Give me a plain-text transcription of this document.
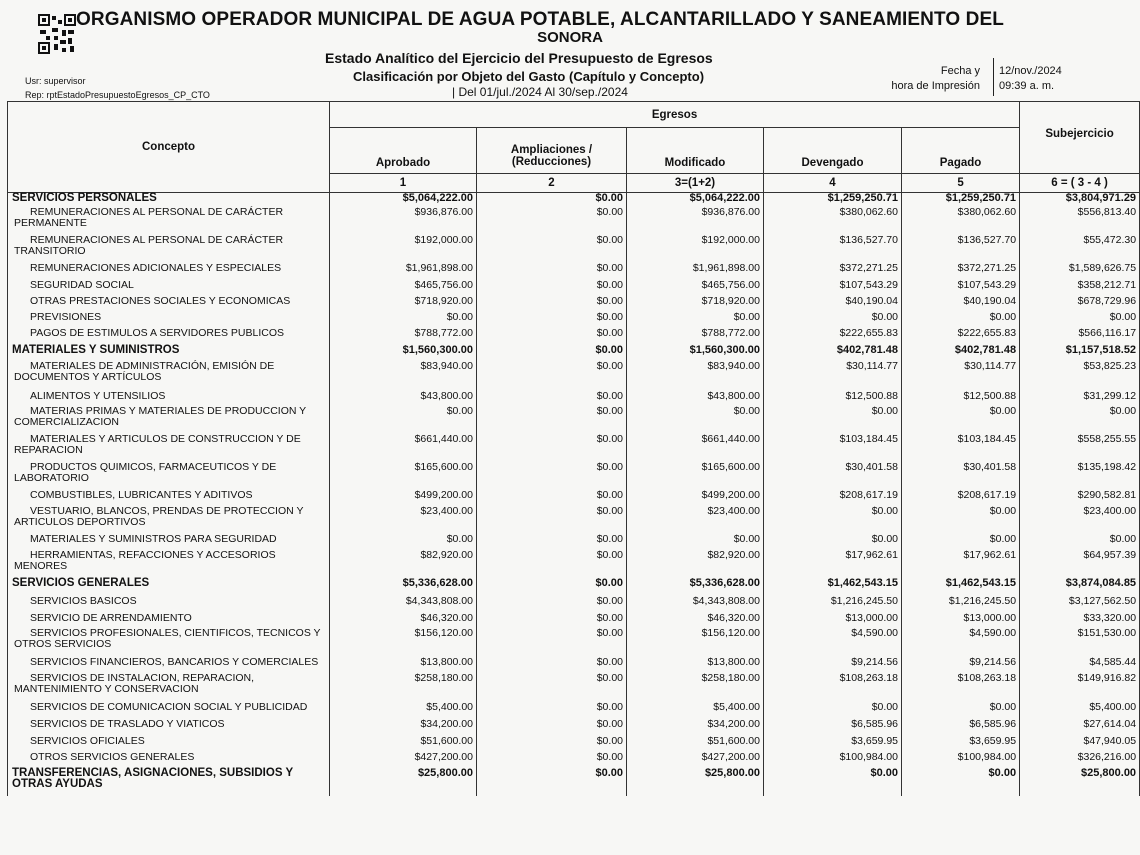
ORGANISMO OPERADOR MUNICIPAL DE AGUA POTABLE, ALCANTARILLADO Y SANEAMIENTO DEL
SONORA
Estado Analítico del Ejercicio del Presupuesto de Egresos
Clasificación por Objeto del Gasto (Capítulo y Concepto)
| Del 01/jul./2024 Al 30/sep./2024
Usr: supervisor
Rep: rptEstadoPresupuestoEgresos_CP_CTO
Fecha y
hora de Impresión
12/nov./2024
09:39 a. m.
Concepto	Egresos					Subejercicio
	Aprobado	Ampliaciones / (Reducciones)	Modificado	Devengado	Pagado	
	1	2	3=(1+2)	4	5	6 = ( 3 - 4 )
SERVICIOS PERSONALES	$5,064,222.00	$0.00	$5,064,222.00	$1,259,250.71	$1,259,250.71	$3,804,971.29
REMUNERACIONES AL PERSONAL DE CARÁCTER PERMANENTE	$936,876.00	$0.00	$936,876.00	$380,062.60	$380,062.60	$556,813.40
REMUNERACIONES AL PERSONAL DE CARÁCTER TRANSITORIO	$192,000.00	$0.00	$192,000.00	$136,527.70	$136,527.70	$55,472.30
REMUNERACIONES ADICIONALES Y ESPECIALES	$1,961,898.00	$0.00	$1,961,898.00	$372,271.25	$372,271.25	$1,589,626.75
SEGURIDAD SOCIAL	$465,756.00	$0.00	$465,756.00	$107,543.29	$107,543.29	$358,212.71
OTRAS PRESTACIONES SOCIALES Y ECONOMICAS	$718,920.00	$0.00	$718,920.00	$40,190.04	$40,190.04	$678,729.96
PREVISIONES	$0.00	$0.00	$0.00	$0.00	$0.00	$0.00
PAGOS DE ESTIMULOS A SERVIDORES PUBLICOS	$788,772.00	$0.00	$788,772.00	$222,655.83	$222,655.83	$566,116.17
MATERIALES Y SUMINISTROS	$1,560,300.00	$0.00	$1,560,300.00	$402,781.48	$402,781.48	$1,157,518.52
MATERIALES DE ADMINISTRACIÓN, EMISIÓN DE DOCUMENTOS Y ARTÍCULOS	$83,940.00	$0.00	$83,940.00	$30,114.77	$30,114.77	$53,825.23
ALIMENTOS Y UTENSILIOS	$43,800.00	$0.00	$43,800.00	$12,500.88	$12,500.88	$31,299.12
MATERIAS PRIMAS Y MATERIALES DE PRODUCCION Y COMERCIALIZACION	$0.00	$0.00	$0.00	$0.00	$0.00	$0.00
MATERIALES Y ARTICULOS DE CONSTRUCCION Y DE REPARACION	$661,440.00	$0.00	$661,440.00	$103,184.45	$103,184.45	$558,255.55
PRODUCTOS QUIMICOS, FARMACEUTICOS Y DE LABORATORIO	$165,600.00	$0.00	$165,600.00	$30,401.58	$30,401.58	$135,198.42
COMBUSTIBLES, LUBRICANTES Y ADITIVOS	$499,200.00	$0.00	$499,200.00	$208,617.19	$208,617.19	$290,582.81
VESTUARIO, BLANCOS, PRENDAS DE PROTECCION Y ARTICULOS DEPORTIVOS	$23,400.00	$0.00	$23,400.00	$0.00	$0.00	$23,400.00
MATERIALES Y SUMINISTROS PARA SEGURIDAD	$0.00	$0.00	$0.00	$0.00	$0.00	$0.00
HERRAMIENTAS, REFACCIONES Y ACCESORIOS MENORES	$82,920.00	$0.00	$82,920.00	$17,962.61	$17,962.61	$64,957.39
SERVICIOS GENERALES	$5,336,628.00	$0.00	$5,336,628.00	$1,462,543.15	$1,462,543.15	$3,874,084.85
SERVICIOS BASICOS	$4,343,808.00	$0.00	$4,343,808.00	$1,216,245.50	$1,216,245.50	$3,127,562.50
SERVICIO DE ARRENDAMIENTO	$46,320.00	$0.00	$46,320.00	$13,000.00	$13,000.00	$33,320.00
SERVICIOS PROFESIONALES, CIENTIFICOS, TECNICOS Y OTROS SERVICIOS	$156,120.00	$0.00	$156,120.00	$4,590.00	$4,590.00	$151,530.00
SERVICIOS FINANCIEROS, BANCARIOS Y COMERCIALES	$13,800.00	$0.00	$13,800.00	$9,214.56	$9,214.56	$4,585.44
SERVICIOS DE INSTALACION, REPARACION, MANTENIMIENTO Y CONSERVACION	$258,180.00	$0.00	$258,180.00	$108,263.18	$108,263.18	$149,916.82
SERVICIOS DE COMUNICACION SOCIAL Y PUBLICIDAD	$5,400.00	$0.00	$5,400.00	$0.00	$0.00	$5,400.00
SERVICIOS DE TRASLADO Y VIATICOS	$34,200.00	$0.00	$34,200.00	$6,585.96	$6,585.96	$27,614.04
SERVICIOS OFICIALES	$51,600.00	$0.00	$51,600.00	$3,659.95	$3,659.95	$47,940.05
OTROS SERVICIOS GENERALES	$427,200.00	$0.00	$427,200.00	$100,984.00	$100,984.00	$326,216.00
TRANSFERENCIAS, ASIGNACIONES, SUBSIDIOS Y OTRAS AYUDAS	$25,800.00	$0.00	$25,800.00	$0.00	$0.00	$25,800.00
